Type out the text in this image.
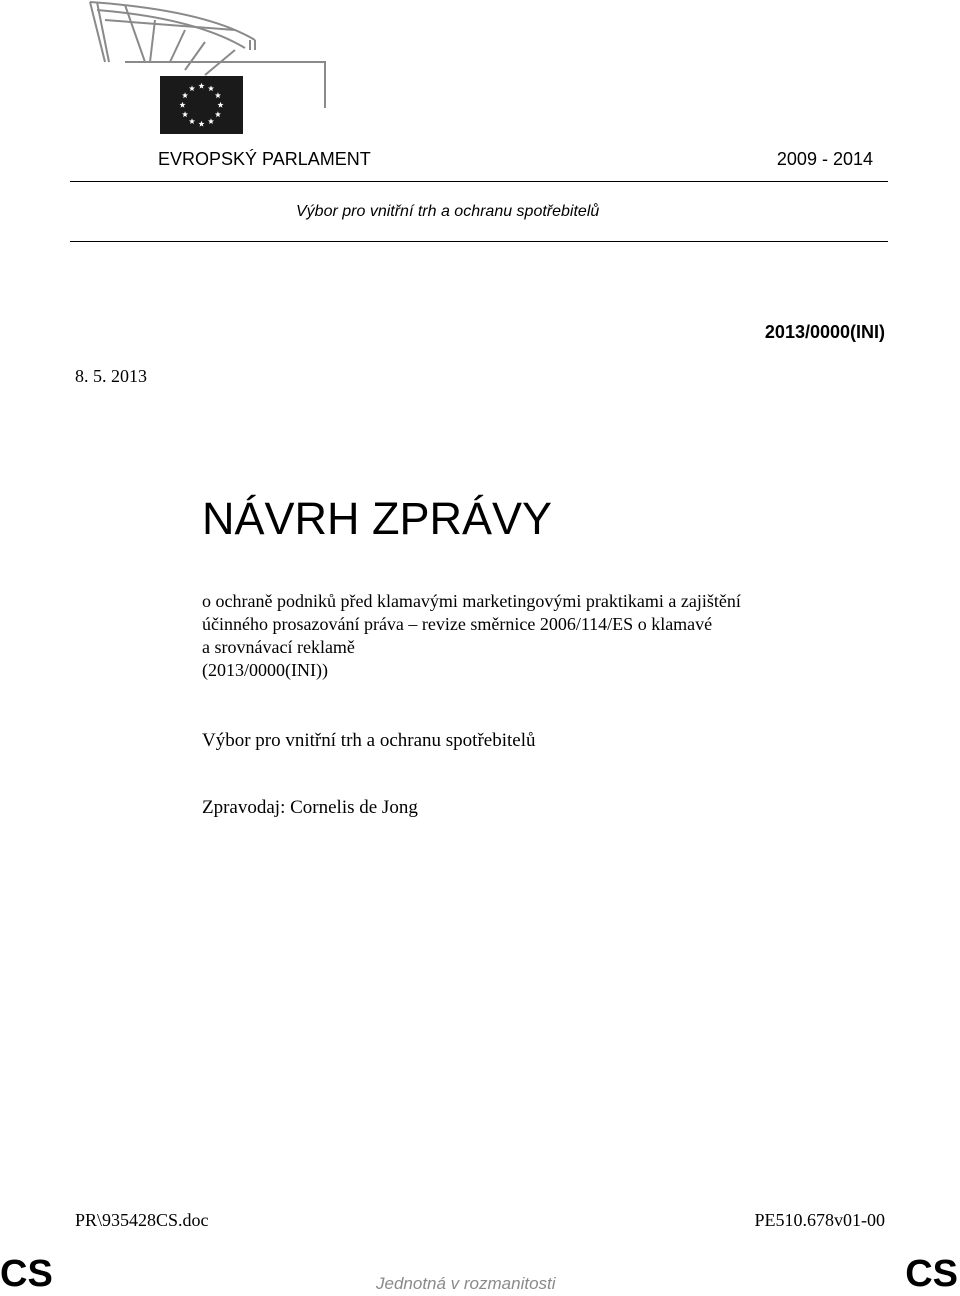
EVROPSKÝ PARLAMENT	2009 - 2014
Výbor pro vnitřní trh a ochranu spotřebitelů
2013/0000(INI)
8. 5. 2013
NÁVRH ZPRÁVY

o ochraně podniků před klamavými marketingovými praktikami a zajištění

účinného prosazování práva – revize směrnice 2006/114/ES o klamavé

a srovnávací reklamě

(2013/0000(INI))

Výbor pro vnitřní trh a ochranu spotřebitelů
Zpravodaj: Cornelis de Jong
PR\935428CS.doc	PE510.678v01-00
CS	CS
Jednotná v rozmanitosti
